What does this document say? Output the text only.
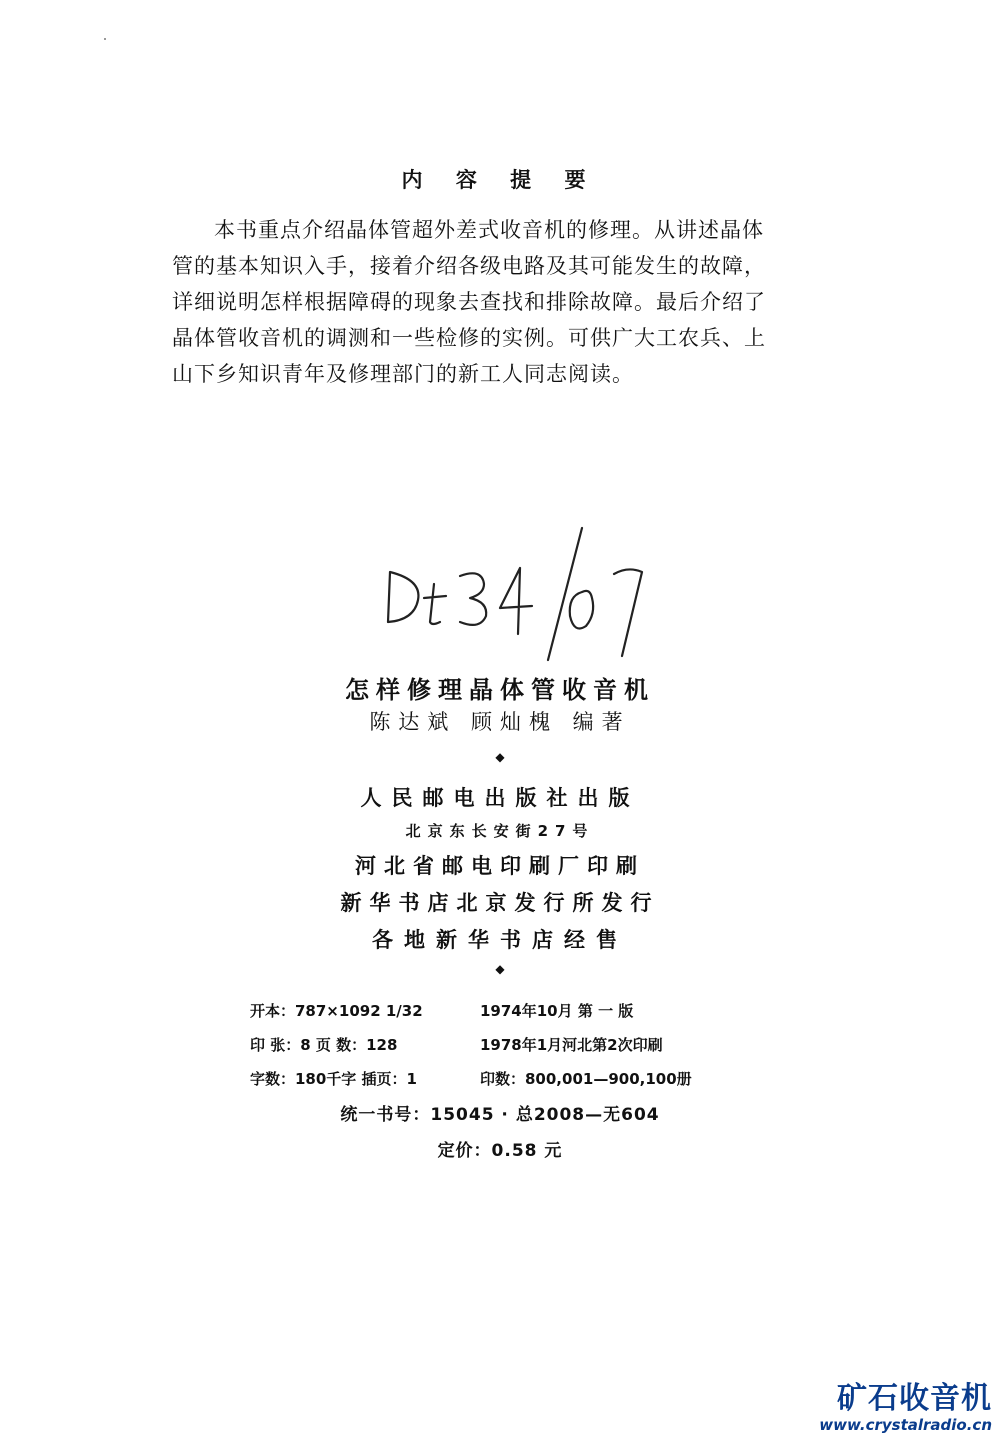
内 容 提 要
本书重点介绍晶体管超外差式收音机的修理。从讲述晶体
管的基本知识入手，接着介绍各级电路及其可能发生的故障，
详细说明怎样根据障碍的现象去查找和排除故障。最后介绍了
晶体管收音机的调测和一些检修的实例。可供广大工农兵、上
山下乡知识青年及修理部门的新工人同志阅读。
Dt34/07
怎样修理晶体管收音机
陈达斌 顾灿槐 编著
◆
人民邮电出版社出版
北京东长安街27号
河北省邮电印刷厂印刷
新华书店北京发行所发行
各地新华书店经售
◆
开本：787×1092 1/32	1974年10月 第 一 版
印 张：8 页 数：128	1978年1月河北第2次印刷
字数：180千字 插页：1	印数：800,001—900,100册
统一书号：15045 · 总2008—无604
定价：0.58 元
矿石收音机
www.crystalradio.cn
